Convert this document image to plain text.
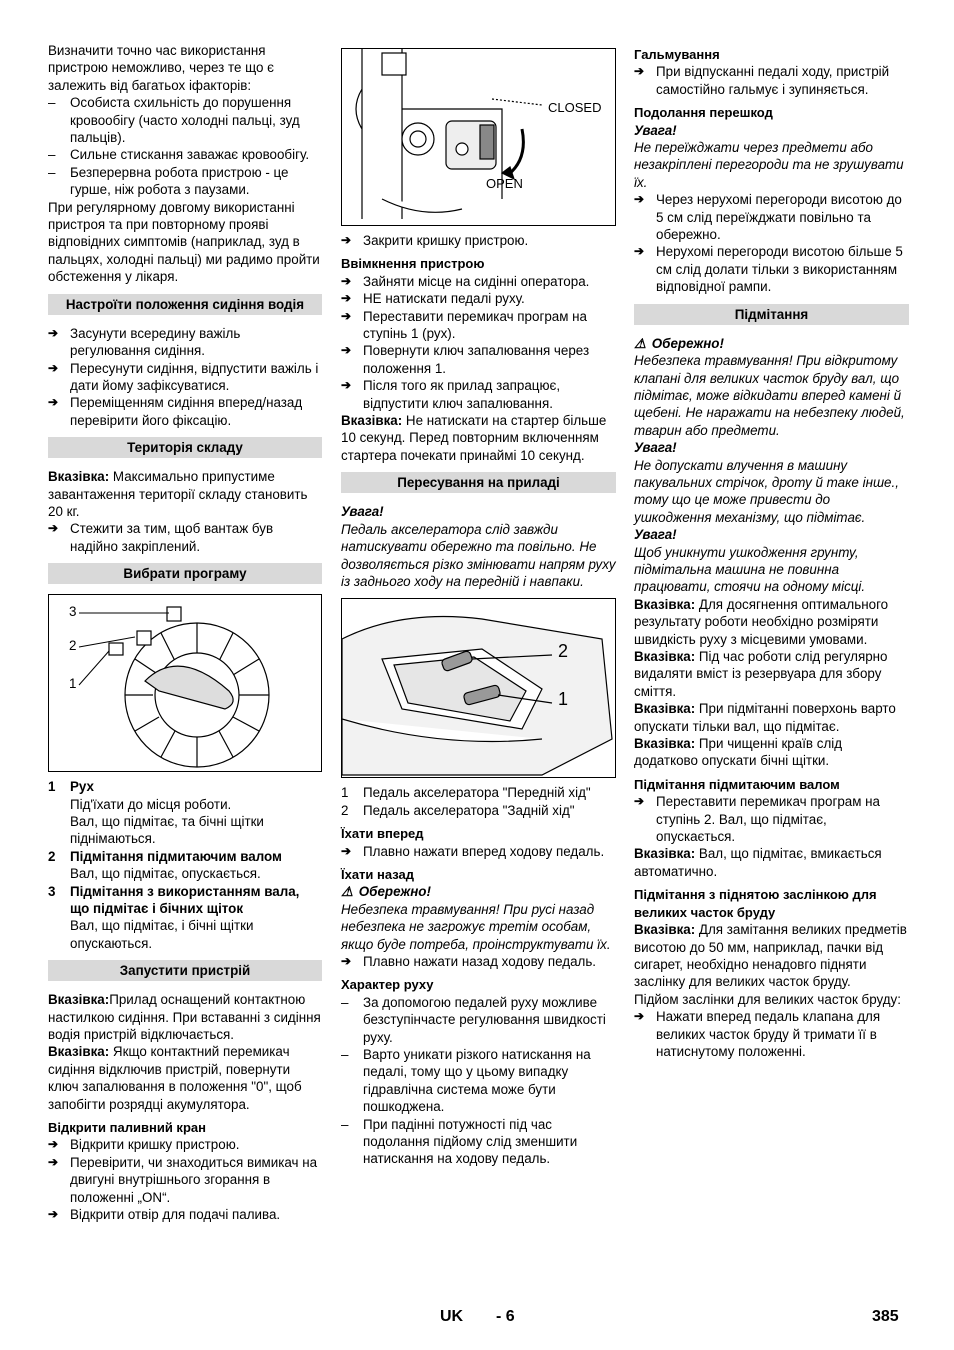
Визначити точно час використання пристрою неможливо, через те що є залежить від багатьох іфакторів:

– Особиста схильність до порушення кровообігу (часто холодні пальці, зуд пальців).

– Сильне стискання заважає кровообігу.

– Безперервна робота пристрою - це гурше, ніж робота з паузами.

При регулярному довгому використанні пристроя та при повторному прояві відповідних симптомів (наприклад, зуд в пальцях, холодні пальці) ми радимо пройти обстеження у лікаря.

Настроїти положення сидіння водія

➔ Засунути всередину важіль регулювання сидіння.

➔ Пересунути сидіння, відпустити важіль і дати йому зафіксуватися.

➔ Переміщенням сидіння вперед/назад перевірити його фіксацію.

Територія складу

Вказівка: Максимально припустиме завантаження території складу становить 20 кг.

➔ Стежити за тим, щоб вантаж був надійно закріплений.

Вибрати програму
3
2
1
1 Рух

Під'їхати до місця роботи.

Вал, що підмітає, та бічні щітки піднімаються.

2 Підмітання підмитаючим валом

Вал, що підмітає, опускається.

3 Підмітання з використанням вала, що підмітає і бічних щіток

Вал, що підмітає, і бічні щітки опускаються.

Запустити пристрій

Вказівка:Прилад оснащений контактною настилкою сидіння. При вставанні з сидіння водія пристрій відключається.

Вказівка: Якщо контактний перемикач сидіння відключив пристрій, повернути ключ запалювання в положення "0", щоб запобігти розрядці акумулятора.

Відкрити паливний кран

➔ Відкрити кришку пристрою.

➔ Перевірити, чи знаходиться вимикач на двигуні внутрішнього згорання в положенні „ON“.

➔ Відкрити отвір для подачі палива.

CLOSED
OPEN

➔ Закрити кришку пристрою.

Ввімкнення пристрою

➔ Зайняти місце на сидінні оператора.

➔ НЕ натискати педалі руху.

➔ Переставити перемикач програм на ступінь 1 (рух).

➔ Повернути ключ запалювання через положення 1.

➔ Після того як прилад запрацює, відпустити ключ запалювання.

Вказівка: Не натискати на стартер більше 10 секунд. Перед повторним включенням стартера почекати принаймі 10 секунд.

Пересування на приладі

Увага!

Педаль акселератора слід завжди натискувати обережно та повільно. Не дозволяється різко змінювати напрям руху із заднього ходу на передній і навпаки.

2
1

1 Педаль акселератора "Передній хід"

2 Педаль акселератора "Задній хід"

Їхати вперед

➔ Плавно нажати вперед ходову педаль.

Їхати назад

⚠ Обережно!

Небезпека травмування! При русі назад небезпека не загрожує третім особам, якщо буде потреба, проінструктувати їх.

➔ Плавно нажати назад ходову педаль.

Характер руху

– За допомогою педалей руху можливе безступінчасте регулювання швидкості руху.

– Варто уникати різкого натискання на педалі, тому що у цьому випадку гідравлічна система може бути пошкоджена.

– При падінні потужності під час подолання підйому слід зменшити натискання на ходову педаль.

Гальмування

➔ При відпусканні педалі ходу, пристрій самостійно гальмує і зупиняється.

Подолання перешкод

Увага!

Не переїжджати через предмети або незакріплені перегороди та не зрушувати їх.

➔ Через нерухомі перегороди висотою до 5 см слід переїжджати повільно та обережно.

➔ Нерухомі перегороди висотою більше 5 см слід долати тільки з використанням відповідної рампи.

Підмітання

⚠ Обережно!

Небезпека травмування! При відкритому клапані для великих часток бруду вал, що підмітає, може відкидати вперед камені й щебені. Не наражати на небезпеку людей, тварин або предмети.

Увага!

Не допускати влучення в машину пакувальних стрічок, дроту й таке інше., тому що це може привести до ушкодження механізму, що підмітає.

Увага!

Щоб уникнути ушкодження грунту, підмітальна машина не повинна працювати, стоячи на одному місці.

Вказівка: Для досягнення оптимального результату роботи необхідно розміряти швидкість руху з місцевими умовами.

Вказівка: Під час роботи слід регулярно видаляти вміст із резервуара для збору сміття.

Вказівка: При підмітанні поверхонь варто опускати тільки вал, що підмітає.

Вказівка: При чищенні країв слід додатково опускати бічні щітки.

Підмітання підмитаючим валом

➔ Переставити перемикач програм на ступінь 2. Вал, що підмітає, опускається.

Вказівка: Вал, що підмітає, вмикається автоматично.

Підмітання з піднятою заслінкою для великих часток бруду

Вказівка: Для замітання великих предметів висотою до 50 мм, наприклад, пачки від сигарет, необхідно ненадовго підняти заслінку для великих часток бруду.

Підйом заслінки для великих часток бруду:

➔ Нажати вперед педаль клапана для великих часток бруду й тримати її в натиснутому положенні.

UK - 6	385
